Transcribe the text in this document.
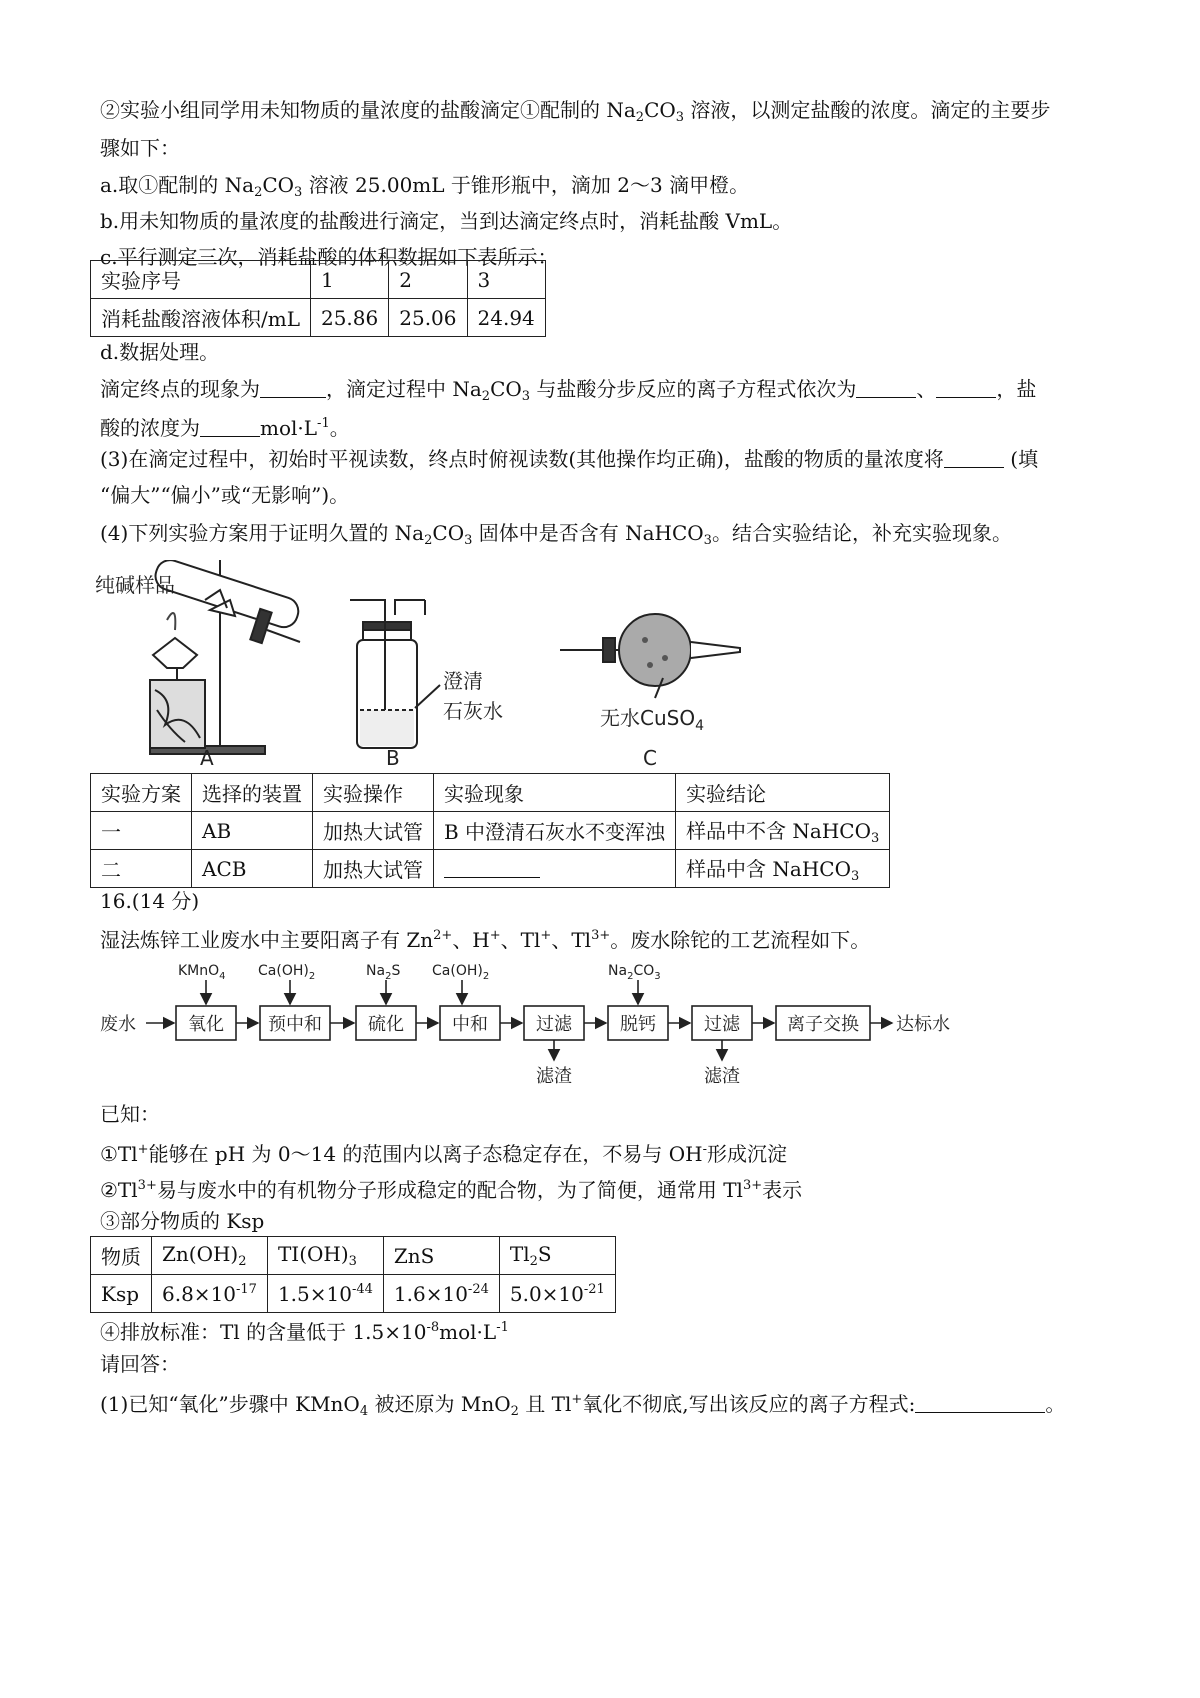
②实验小组同学用未知物质的量浓度的盐酸滴定①配制的 $Na_2CO_3$ 溶液，以测定盐酸的浓度。滴定的主要步
骤如下：
a.取①配制的 $Na_2CO_3$ 溶液 25.00mL 于锥形瓶中，滴加 2～3 滴甲橙。
b.用未知物质的量浓度的盐酸进行滴定，当到达滴定终点时，消耗盐酸 VmL。
c.平行测定三次，消耗盐酸的体积数据如下表所示：
实验序号	1	2	3
消耗盐酸溶液体积/mL	25.86	25.06	24.94
d.数据处理。
滴定终点的现象为	，滴定过程中 $Na_2CO_3$ 与盐酸分步反应的离子方程式依次为	、	，盐
酸的浓度为	$mol\cdot L^{-1}$。
(3)在滴定过程中，初始时平视读数，终点时俯视读数(其他操作均正确)，盐酸的物质的量浓度将	(填
“偏大”“偏小”或“无影响”)。
(4)下列实验方案用于证明久置的 $Na_2CO_3$ 固体中是否含有 NaHCO$_3$。结合实验结论，补充实验现象。
纯碱样品
A
澄清
石灰水
B
无水CuSO$_4$
C
实验方案	选择的装置	实验操作	实验现象	实验结论
一	AB	加热大试管	B 中澄清石灰水不变浑浊	样品中不含 NaHCO$_3$
二	ACB	加热大试管		样品中含 NaHCO$_3$
16.(14 分)
湿法炼锌工业废水中主要阳离子有 $Zn^{2+}$、H+、Tl+、$Tl^{3+}$。废水除铊的工艺流程如下。
废水	氧化 预中和	硫化	中和	过滤	脱钙	过滤	离子交换 达标水
滤渣	滤渣
KMnO$_4$ $Ca(OH)_2$	$Na_2S$ $Ca(OH)_2$	$Na_2CO_3$
已知：
①Tl+能够在 pH 为 0～14 的范围内以离子态稳定存在，不易与 OH-形成沉淀
$②Tl^{3+}$易与废水中的有机物分子形成稳定的配合物，为了简便，通常用 $Tl^{3+}$表示
③部分物质的 Ksp
物质	$Zn(OH)_2$	$TI(OH)_3$	ZnS	$Tl_2S$
Ksp	$6.8\times 10^{-17}$	$1.5\times 10^{-44}$	$1.6\times 10^{-24}$	$5.0\times 10^{-21}$
④排放标准：Tl 的含量低于 $1.5\times 10^{-8}mol\cdot L^{-1}$
请回答：
(1)已知“氧化”步骤中 KMnO$_4$ 被还原为 MnO$_2$ 且 Tl+氧化不彻底,写出该反应的离子方程式:	。
